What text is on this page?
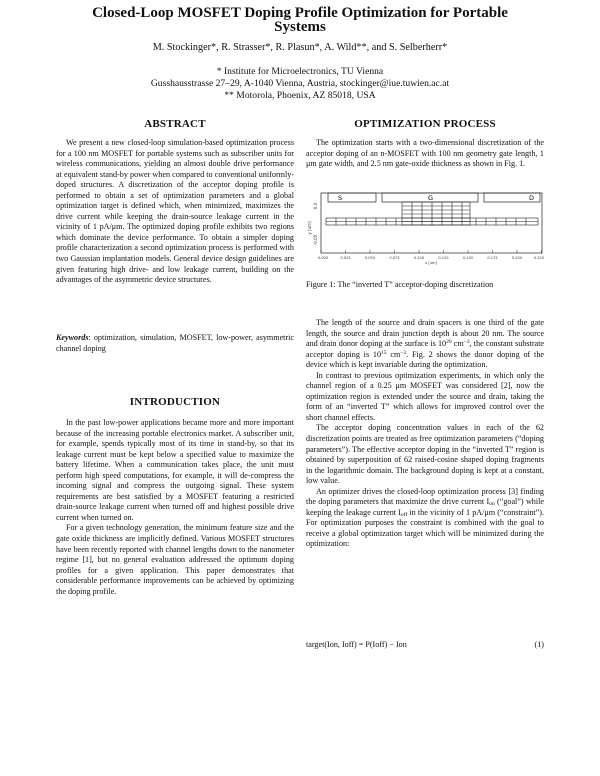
Closed-Loop MOSFET Doping Profile Optimization for Portable
Systems
M. Stockinger*, R. Strasser*, R. Plasun*, A. Wild**, and S. Selberherr*
* Institute for Microelectronics, TU Vienna
Gusshausstrasse 27–29, A-1040 Vienna, Austria, stockinger@iue.tuwien.ac.at
** Motorola, Phoenix, AZ 85018, USA
ABSTRACT

We present a new closed-loop simulation-based optimization process for a 100 nm MOSFET for portable systems such as subscriber units for wireless communications, yielding an almost double drive performance at equivalent stand-by power when compared to conventional uniformly-doped structures. A discretization of the acceptor doping profile is performed to obtain a set of optimization parameters and a global optimization target is defined which, when minimized, maximizes the drive current while keeping the drain-source leakage current in the vicinity of 1 pA/μm. The optimized doping profile exhibits two regions which dominate the device performance. To obtain a simpler doping profile characterization a second optimization process is performed with two Gaussian implantation models. General device design guidelines are given featuring high drive- and low leakage current, building on the advantages of the asymmetric device structures.

Keywords: optimization, simulation, MOSFET, low-power, asymmetric channel doping

INTRODUCTION

In the past low-power applications became more and more important because of the increasing portable electronics market. A subscriber unit, for example, spends typically most of its time in stand-by, so that its leakage current must be kept below a specified value to maximize the battery lifetime. When a communication takes place, the unit must perform high speed computations, for example, it will de-compress the incoming signal and compress the outgoing signal. These system requirements are best satisfied by a MOSFET featuring a restricted drain-source leakage current when turned off and highest possible drive current when turned on.

For a given technology generation, the minimum feature size and the gate oxide thickness are implicitly defined. Various MOSFET structures have been recently reported with channel lengths down to the nanometer regime [1], but no general evaluation addressed the optimum doping profiles for a given application. This paper demonstrates that considerable performance improvements can be achieved by optimizing the doping profile.

OPTIMIZATION PROCESS

The optimization starts with a two-dimensional discretization of the acceptor doping of an n-MOSFET with 100 nm geometry gate length, 1 μm gate width, and 2.5 nm gate-oxide thickness as shown in Fig. 1.

y [um]
0.0
-0.05
S	G	D
0.000	0.025	0.050	0.075	0.100	0.125	0.150	0.175	0.200	0.225
x [um]
Figure 1: The “inverted T” acceptor-doping discretization

The length of the source and drain spacers is one third of the gate length, the source and drain junction depth is about 20 nm. The source and drain donor doping at the surface is $10^{20}$ $cm^{-3}$, the constant substrate acceptor doping is $10^{15}$ $cm^{-3}$. Fig. 2 shows the donor doping of the device which is kept invariable during the optimization.

In contrast to previous optimization experiments, in which only the channel region of a 0.25 μm MOSFET was considered [2], now the optimization region is extended under the source and drain, taking the form of an “inverted T” which allows for improved control over the short channel effects.

The acceptor doping concentration values in each of the 62 discretization points are treated as free optimization parameters (“doping parameters”). The effective acceptor doping in the “inverted T” region is obtained by superposition of 62 raised-cosine shaped doping fragments in the logarithmic domain. The background doping is kept at a constant, low value.

An optimizer drives the closed-loop optimization process [3] finding the doping parameters that maximize the drive current $I_{on}$ (“goal”) while keeping the leakage current $I_{off}$ in the vicinity of 1 pA/μm (“constraint”). For optimization purposes the constraint is combined with the goal to receive a global optimization target which will be minimized during the optimization:

target(Ion, Ioff) = P(Ioff) − Ion	(1)
